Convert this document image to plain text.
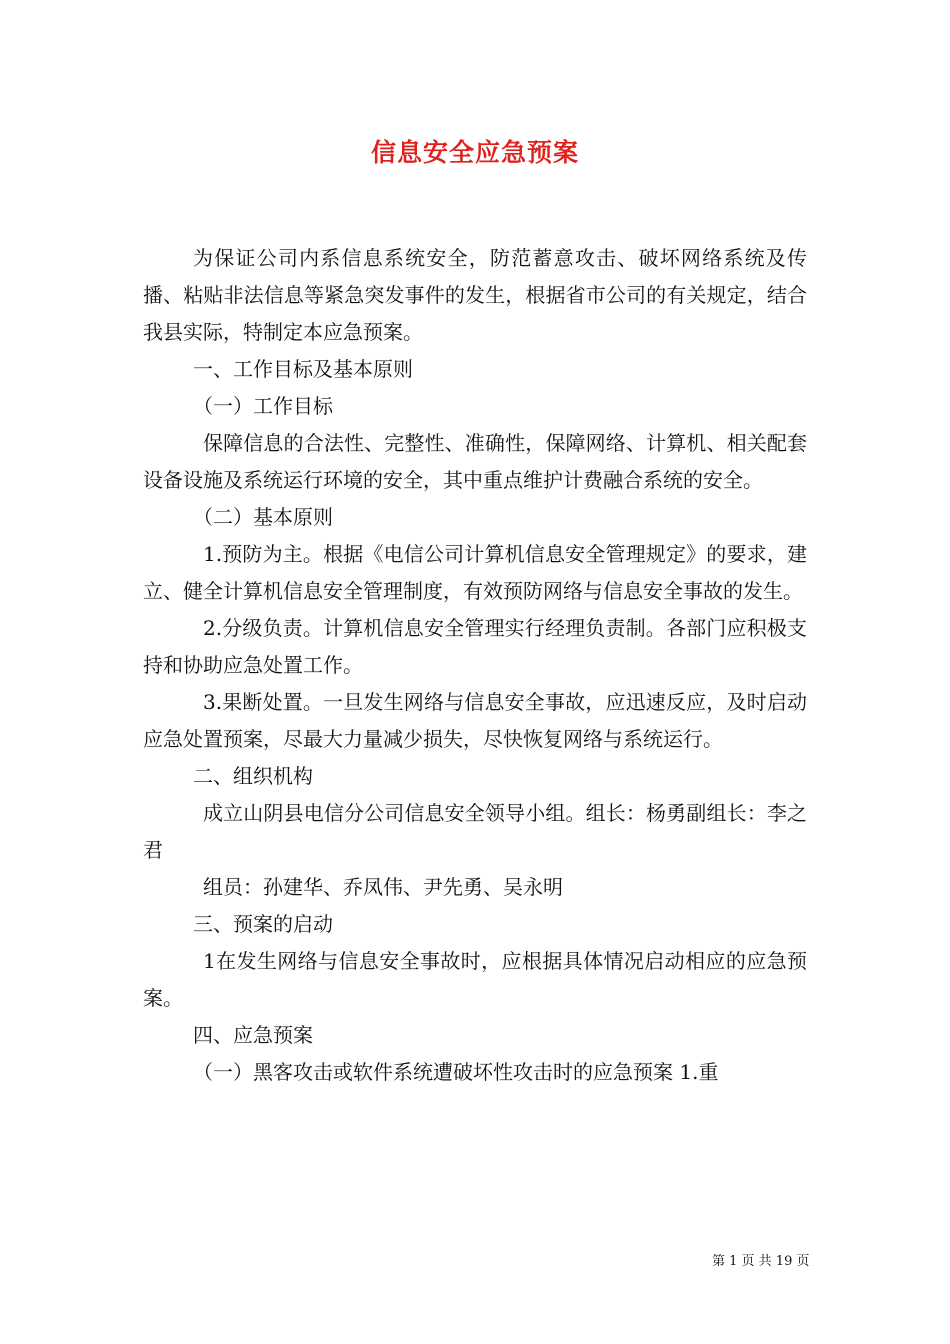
信息安全应急预案

为保证公司内系信息系统安全，防范蓄意攻击、破坏网络系统及传播、粘贴非法信息等紧急突发事件的发生，根据省市公司的有关规定，结合我县实际，特制定本应急预案。

一、工作目标及基本原则

（一）工作目标

保障信息的合法性、完整性、准确性，保障网络、计算机、相关配套设备设施及系统运行环境的安全，其中重点维护计费融合系统的安全。

（二）基本原则

1.预防为主。根据《电信公司计算机信息安全管理规定》的要求，建立、健全计算机信息安全管理制度，有效预防网络与信息安全事故的发生。

2.分级负责。计算机信息安全管理实行经理负责制。各部门应积极支持和协助应急处置工作。

3.果断处置。一旦发生网络与信息安全事故，应迅速反应，及时启动应急处置预案，尽最大力量减少损失，尽快恢复网络与系统运行。

二、组织机构

成立山阴县电信分公司信息安全领导小组。组长：杨勇副组长：李之君

组员：孙建华、乔凤伟、尹先勇、吴永明

三、预案的启动

1在发生网络与信息安全事故时，应根据具体情况启动相应的应急预案。

四、应急预案

（一）黑客攻击或软件系统遭破坏性攻击时的应急预案 1.重

第 1 页 共 19 页
